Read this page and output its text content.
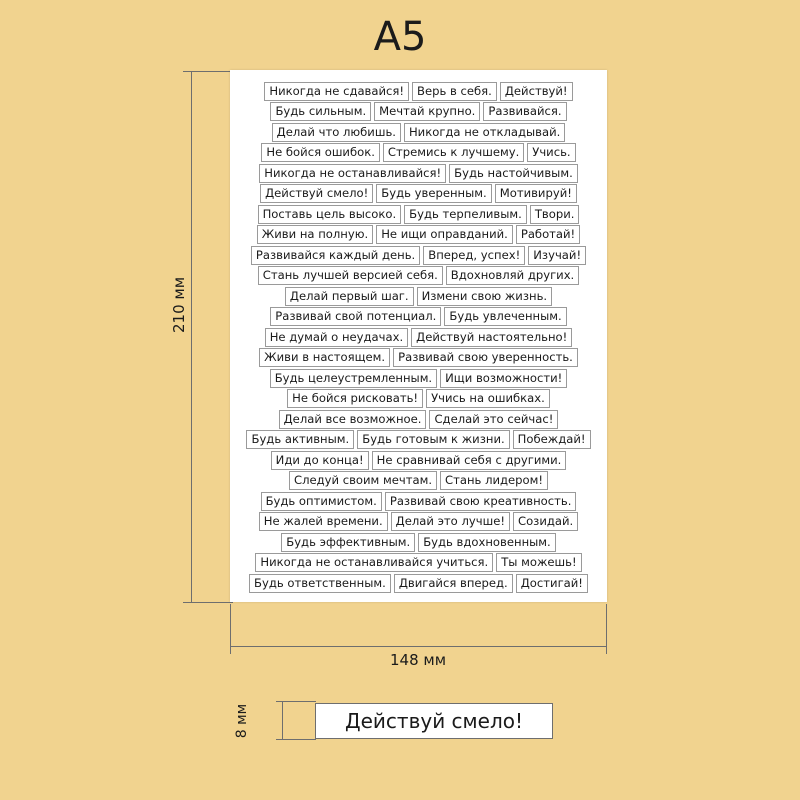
A5
210 мм
Никогда не сдавайся!	Верь в себя.	Действуй!
Будь сильным.	Мечтай крупно.	Развивайся.
Делай что любишь.	Никогда не откладывай.
Не бойся ошибок.	Стремись к лучшему.	Учись.
Никогда не останавливайся!	Будь настойчивым.
Действуй смело!	Будь уверенным.	Мотивируй!
Поставь цель высоко.	Будь терпеливым.	Твори.
Живи на полную.	Не ищи оправданий.	Работай!
Развивайся каждый день.	Вперед, успех!	Изучай!
Стань лучшей версией себя.	Вдохновляй других.
Делай первый шаг.	Измени свою жизнь.
Развивай свой потенциал.	Будь увлеченным.
Не думай о неудачах.	Действуй настоятельно!
Живи в настоящем.	Развивай свою уверенность.
Будь целеустремленным.	Ищи возможности!
Не бойся рисковать!	Учись на ошибках.
Делай все возможное.	Сделай это сейчас!
Будь активным.	Будь готовым к жизни.	Побеждай!
Иди до конца!	Не сравнивай себя с другими.
Следуй своим мечтам.	Стань лидером!
Будь оптимистом.	Развивай свою креативность.
Не жалей времени.	Делай это лучше!	Созидай.
Будь эффективным.	Будь вдохновенным.
Никогда не останавливайся учиться.	Ты можешь!
Будь ответственным.	Двигайся вперед.	Достигай!
148 мм
8 мм	Действуй смело!
